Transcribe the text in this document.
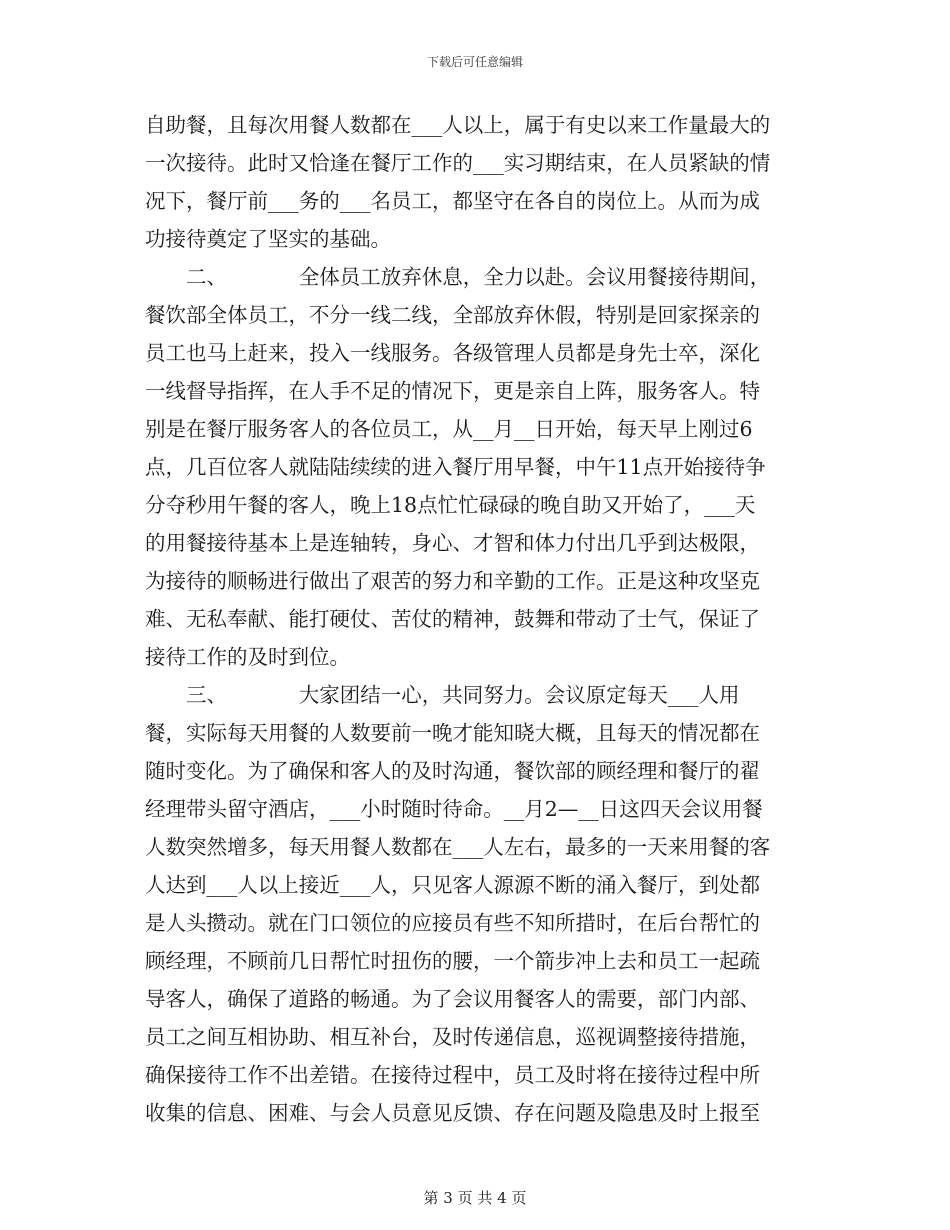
下载后可任意编辑
自助餐，且每次用餐人数都在___人以上，属于有史以来工作量最大的
一次接待。此时又恰逢在餐厅工作的___实习期结束，在人员紧缺的情
况下，餐厅前___务的___名员工，都坚守在各自的岗位上。从而为成
功接待奠定了坚实的基础。
　　二、　　　　全体员工放弃休息，全力以赴。会议用餐接待期间，
餐饮部全体员工，不分一线二线，全部放弃休假，特别是回家探亲的
员工也马上赶来，投入一线服务。各级管理人员都是身先士卒，深化
一线督导指挥，在人手不足的情况下，更是亲自上阵，服务客人。特
别是在餐厅服务客人的各位员工，从__月__日开始，每天早上刚过6
点，几百位客人就陆陆续续的进入餐厅用早餐，中午11点开始接待争
分夺秒用午餐的客人，晚上18点忙忙碌碌的晚自助又开始了，___天
的用餐接待基本上是连轴转，身心、才智和体力付出几乎到达极限，
为接待的顺畅进行做出了艰苦的努力和辛勤的工作。正是这种攻坚克
难、无私奉献、能打硬仗、苦仗的精神，鼓舞和带动了士气，保证了
接待工作的及时到位。
　　三、　　　　大家团结一心，共同努力。会议原定每天___人用
餐，实际每天用餐的人数要前一晚才能知晓大概，且每天的情况都在
随时变化。为了确保和客人的及时沟通，餐饮部的顾经理和餐厅的翟
经理带头留守酒店，___小时随时待命。__月2—__日这四天会议用餐
人数突然增多，每天用餐人数都在___人左右，最多的一天来用餐的客
人达到___人以上接近___人，只见客人源源不断的涌入餐厅，到处都
是人头攒动。就在门口领位的应接员有些不知所措时，在后台帮忙的
顾经理，不顾前几日帮忙时扭伤的腰，一个箭步冲上去和员工一起疏
导客人，确保了道路的畅通。为了会议用餐客人的需要，部门内部、
员工之间互相协助、相互补台，及时传递信息，巡视调整接待措施，
确保接待工作不出差错。在接待过程中，员工及时将在接待过程中所
收集的信息、困难、与会人员意见反馈、存在问题及隐患及时上报至
第 3 页 共 4 页
